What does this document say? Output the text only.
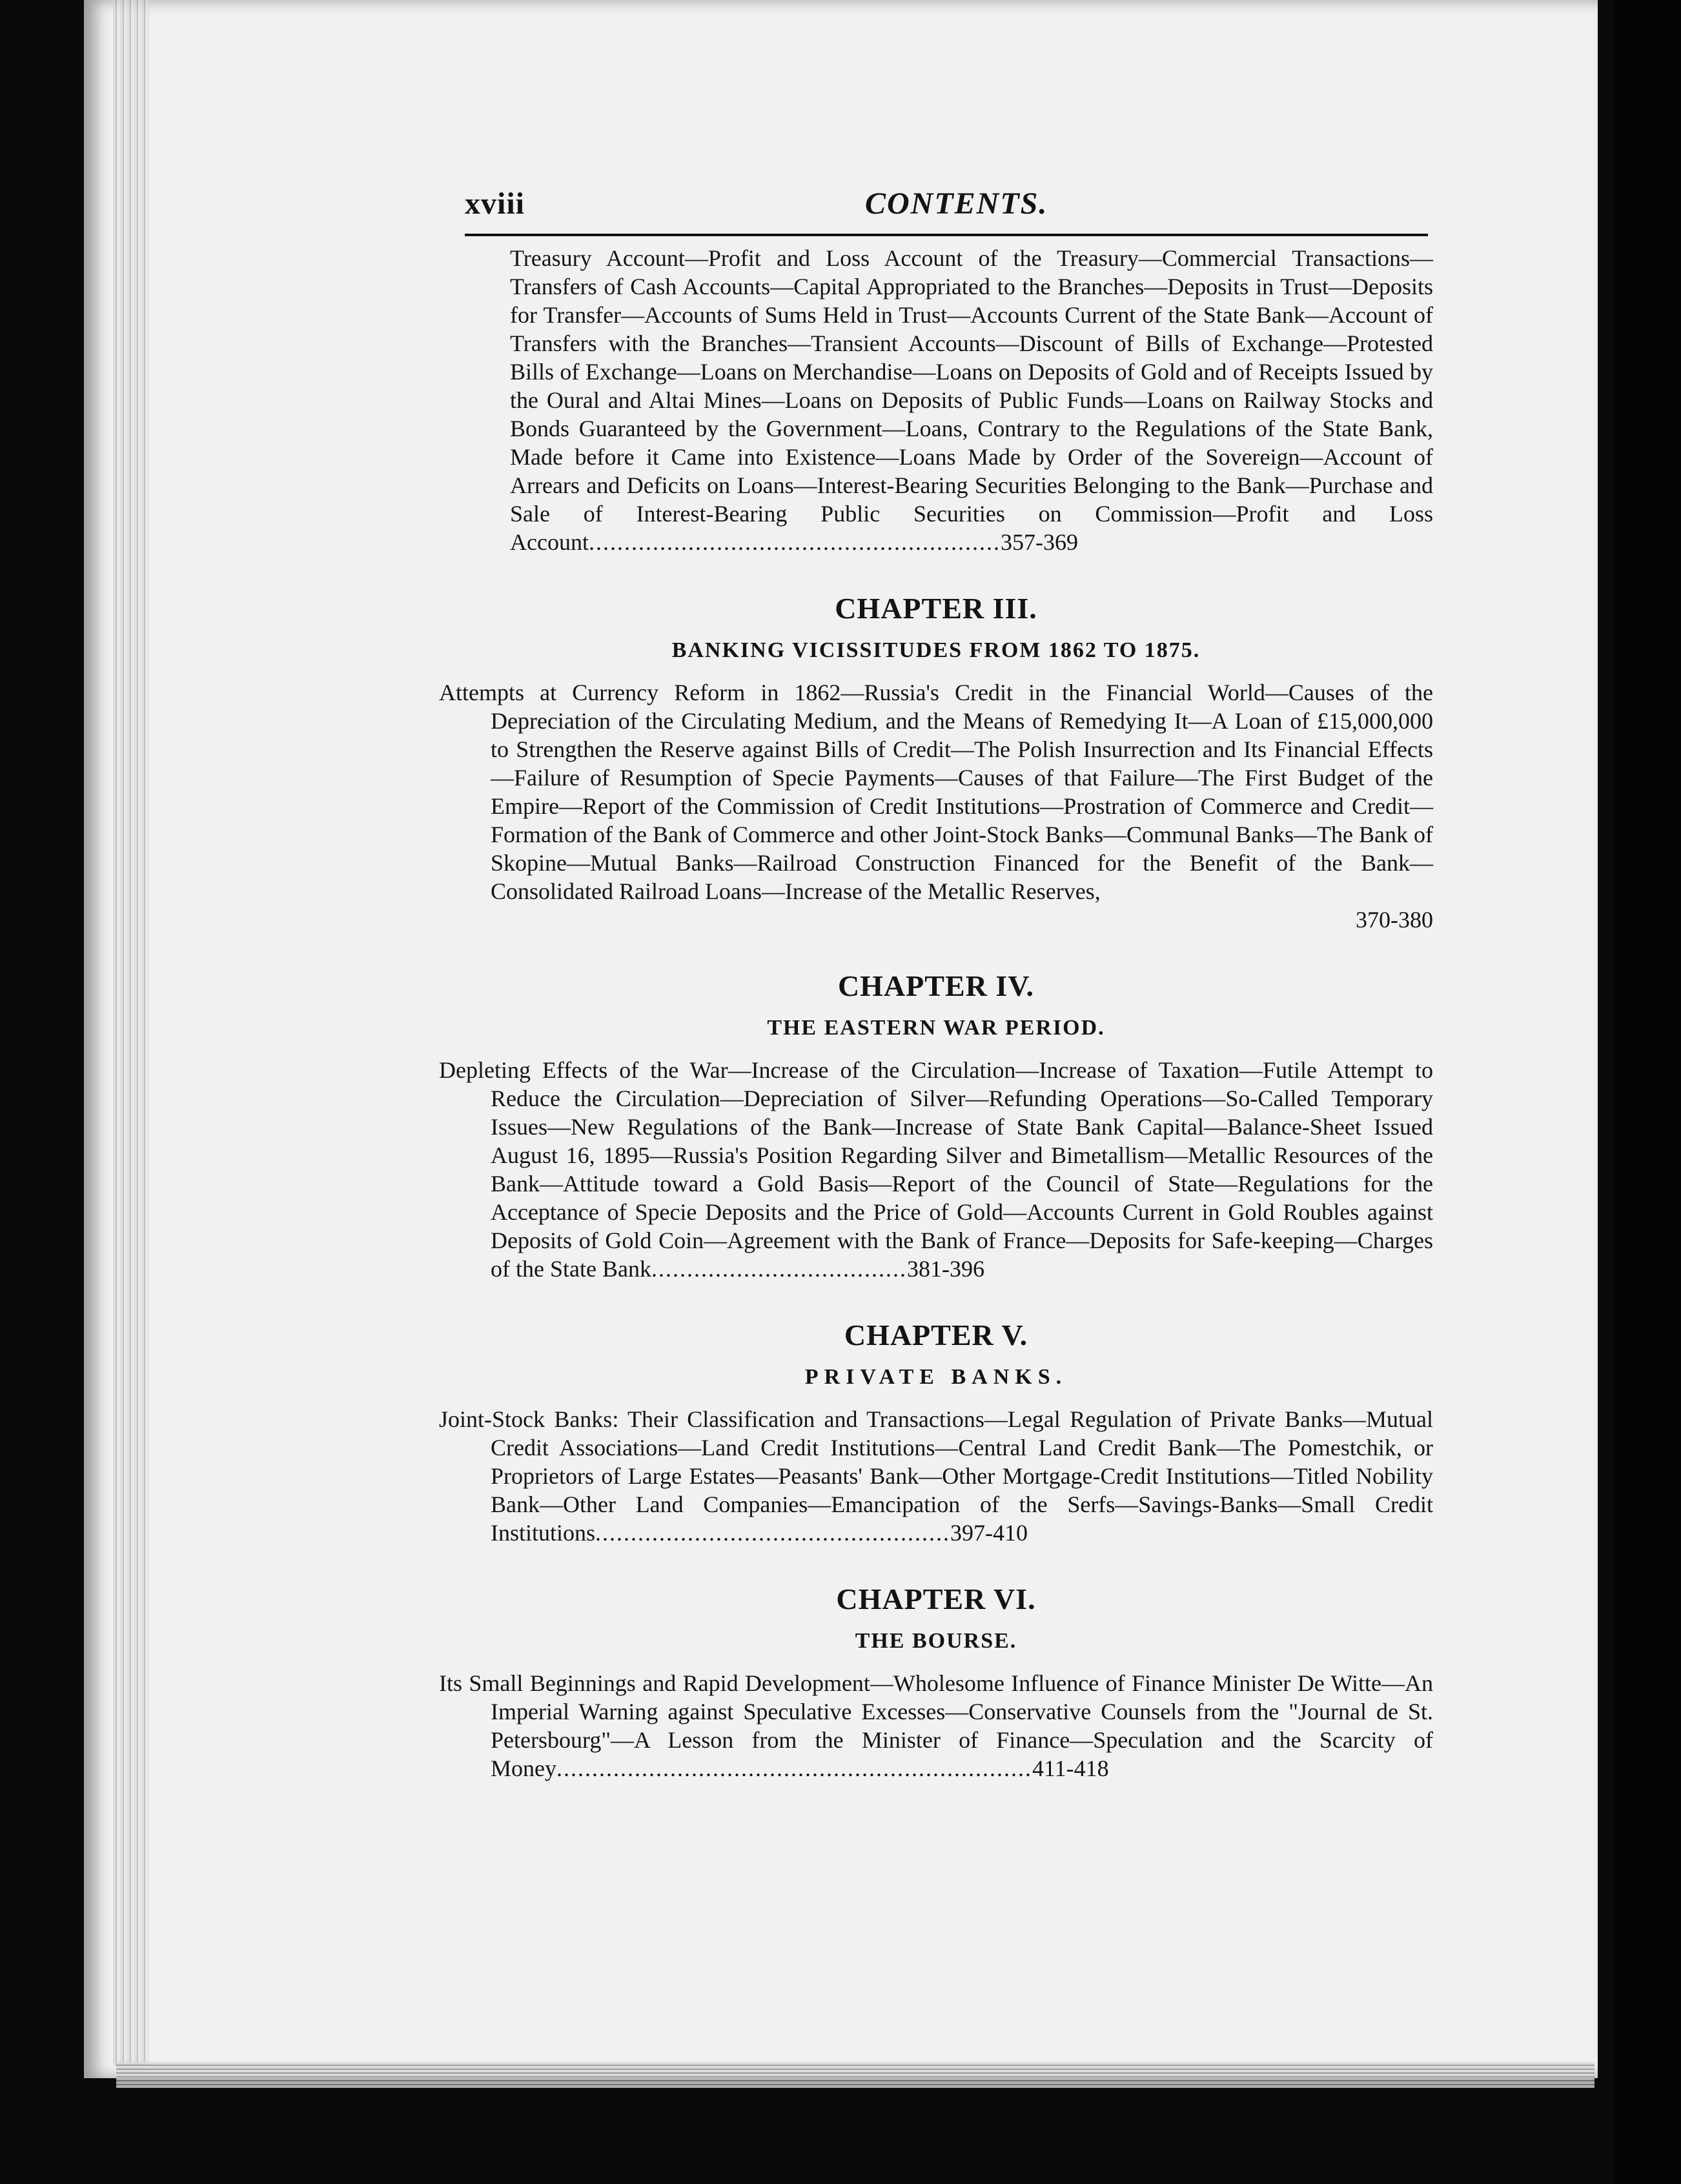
xviii	CONTENTS.

Treasury Account—Profit and Loss Account of the Treasury—Commercial Transactions—Transfers of Cash Accounts—Capital Appropriated to the Branches—Deposits in Trust—Deposits for Transfer—Accounts of Sums Held in Trust—Accounts Current of the State Bank—Account of Transfers with the Branches—Transient Accounts—Discount of Bills of Exchange—Protested Bills of Exchange—Loans on Merchandise—Loans on Deposits of Gold and of Receipts Issued by the Oural and Altai Mines—Loans on Deposits of Public Funds—Loans on Railway Stocks and Bonds Guaranteed by the Government—Loans, Contrary to the Regulations of the State Bank, Made before it Came into Existence—Loans Made by Order of the Sovereign—Account of Arrears and Deficits on Loans—Interest-Bearing Securities Belonging to the Bank—Purchase and Sale of Interest-Bearing Public Securities on Commission—Profit and Loss Account..........................................................357-369

CHAPTER III.
BANKING VICISSITUDES FROM 1862 TO 1875.

Attempts at Currency Reform in 1862—Russia's Credit in the Financial World—Causes of the Depreciation of the Circulating Medium, and the Means of Remedying It—A Loan of £15,000,000 to Strengthen the Reserve against Bills of Credit—The Polish Insurrection and Its Financial Effects—Failure of Resumption of Specie Payments—Causes of that Failure—The First Budget of the Empire—Report of the Commission of Credit Institutions—Prostration of Commerce and Credit—Formation of the Bank of Commerce and other Joint-Stock Banks—Communal Banks—The Bank of Skopine—Mutual Banks—Railroad Construction Financed for the Benefit of the Bank—Consolidated Railroad Loans—Increase of the Metallic Reserves,
370-380

CHAPTER IV.
THE EASTERN WAR PERIOD.

Depleting Effects of the War—Increase of the Circulation—Increase of Taxation—Futile Attempt to Reduce the Circulation—Depreciation of Silver—Refunding Operations—So-Called Temporary Issues—New Regulations of the Bank—Increase of State Bank Capital—Balance-Sheet Issued August 16, 1895—Russia's Position Regarding Silver and Bimetallism—Metallic Resources of the Bank—Attitude toward a Gold Basis—Report of the Council of State—Regulations for the Acceptance of Specie Deposits and the Price of Gold—Accounts Current in Gold Roubles against Deposits of Gold Coin—Agreement with the Bank of France—Deposits for Safe-keeping—Charges of the State Bank....................................381-396

CHAPTER V.
PRIVATE BANKS.

Joint-Stock Banks: Their Classification and Transactions—Legal Regulation of Private Banks—Mutual Credit Associations—Land Credit Institutions—Central Land Credit Bank—The Pomestchik, or Proprietors of Large Estates—Peasants' Bank—Other Mortgage-Credit Institutions—Titled Nobility Bank—Other Land Companies—Emancipation of the Serfs—Savings-Banks—Small Credit Institutions..................................................397-410

CHAPTER VI.
THE BOURSE.

Its Small Beginnings and Rapid Development—Wholesome Influence of Finance Minister De Witte—An Imperial Warning against Speculative Excesses—Conservative Counsels from the "Journal de St. Petersbourg"—A Lesson from the Minister of Finance—Speculation and the Scarcity of Money...................................................................411-418
